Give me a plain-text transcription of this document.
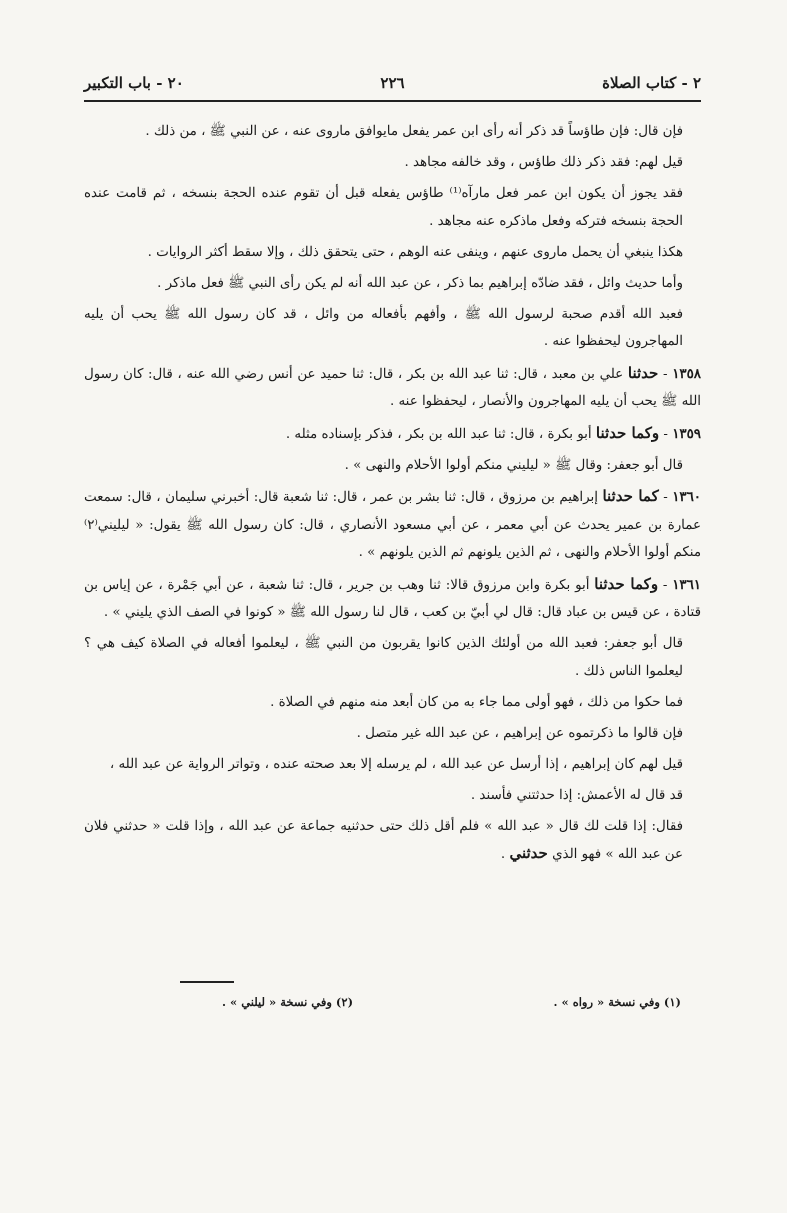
٢ - كتاب الصلاة
٢٢٦
٢٠ - باب التكبير

فإن قال: فإن طاؤساً قد ذكر أنه رأى ابن عمر يفعل مايوافق ماروى عنه ، عن النبي ﷺ ، من ذلك .

قيل لهم: فقد ذكر ذلك طاؤس ، وقد خالفه مجاهد .

فقد يجوز أن يكون ابن عمر فعل مارآه⁽¹⁾ طاؤس يفعله قبل أن تقوم عنده الحجة بنسخه ، ثم قامت عنده الحجة بنسخه فتركه وفعل ماذكره عنه مجاهد .

هكذا ينبغي أن يحمل ماروى عنهم ، وينفى عنه الوهم ، حتى يتحقق ذلك ، وإلا سقط أكثر الروايات .

وأما حديث وائل ، فقد ضادّه إبراهيم بما ذكر ، عن عبد الله أنه لم يكن رأى النبي ﷺ فعل ماذكر .

فعبد الله أقدم صحبة لرسول الله ﷺ ، وأفهم بأفعاله من وائل ، قد كان رسول الله ﷺ يحب أن يليه المهاجرون ليحفظوا عنه .

١٣٥٨ - حدثنا علي بن معبد ، قال: ثنا عبد الله بن بكر ، قال: ثنا حميد عن أنس رضي الله عنه ، قال: كان رسول الله ﷺ يحب أن يليه المهاجرون والأنصار ، ليحفظوا عنه .

١٣٥٩ - وكما حدثنا أبو بكرة ، قال: ثنا عبد الله بن بكر ، فذكر بإسناده مثله .

قال أبو جعفر: وقال ﷺ « ليليني منكم أولوا الأحلام والنهى » .

١٣٦٠ - كما حدثنا إبراهيم بن مرزوق ، قال: ثنا بشر بن عمر ، قال: ثنا شعبة قال: أخبرني سليمان ، قال: سمعت عمارة بن عمير يحدث عن أبي معمر ، عن أبي مسعود الأنصاري ، قال: كان رسول الله ﷺ يقول: « ليليني⁽٢⁾ منكم أولوا الأحلام والنهى ، ثم الذين يلونهم ثم الذين يلونهم » .

١٣٦١ - وكما حدثنا أبو بكرة وابن مرزوق قالا: ثنا وهب بن جرير ، قال: ثنا شعبة ، عن أبي جَمْرة ، عن إياس بن قتادة ، عن قيس بن عباد قال: قال لي أبيّ بن كعب ، قال لنا رسول الله ﷺ « كونوا في الصف الذي يليني » .

قال أبو جعفر: فعبد الله من أولئك الذين كانوا يقربون من النبي ﷺ ، ليعلموا أفعاله في الصلاة كيف هي ؟ ليعلموا الناس ذلك .

فما حكوا من ذلك ، فهو أولى مما جاء به من كان أبعد منه منهم في الصلاة .

فإن قالوا ما ذكرتموه عن إبراهيم ، عن عبد الله غير متصل .

قيل لهم كان إبراهيم ، إذا أرسل عن عبد الله ، لم يرسله إلا بعد صحته عنده ، وتواتر الرواية عن عبد الله ،

قد قال له الأعمش: إذا حدثتني فأسند .

فقال: إذا قلت لك قال « عبد الله » فلم أقل ذلك حتى حدثنيه جماعة عن عبد الله ، وإذا قلت « حدثني فلان عن عبد الله » فهو الذي حدثني .

(١) وفي نسخة « رواه » .
(٢) وفي نسخة « ليلني » .
